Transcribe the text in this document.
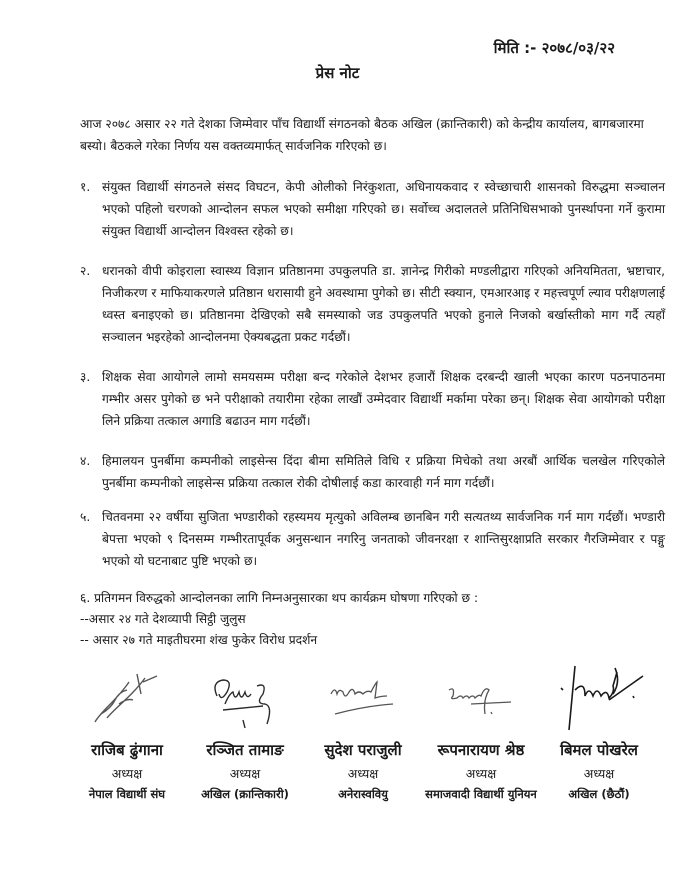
मिति :- २०७८/०३/२२
प्रेस नोट
आज २०७८ असार २२ गते देशका जिम्मेवार पाँच विद्यार्थी संगठनको बैठक अखिल (क्रान्तिकारी) को केन्द्रीय कार्यालय, बागबजारमा बस्यो। बैठकले गरेका निर्णय यस वक्तव्यमार्फत् सार्वजनिक गरिएको छ।
१. संयुक्त विद्यार्थी संगठनले संसद विघटन, केपी ओलीको निरंकुशता, अधिनायकवाद र स्वेच्छाचारी शासनको विरुद्धमा सञ्चालन भएको पहिलो चरणको आन्दोलन सफल भएको समीक्षा गरिएको छ। सर्वोच्च अदालतले प्रतिनिधिसभाको पुनर्स्थापना गर्ने कुरामा संयुक्त विद्यार्थी आन्दोलन विश्वस्त रहेको छ।
२. धरानको वीपी कोइराला स्वास्थ्य विज्ञान प्रतिष्ठानमा उपकुलपति डा. ज्ञानेन्द्र गिरीको मण्डलीद्वारा गरिएको अनियमितता, भ्रष्टाचार, निजीकरण र माफियाकरणले प्रतिष्ठान धरासायी हुने अवस्थामा पुगेको छ। सीटी स्क्यान, एमआरआइ र महत्त्वपूर्ण ल्याव परीक्षणलाई ध्वस्त बनाइएको छ। प्रतिष्ठानमा देखिएको सबै समस्याको जड उपकुलपति भएको हुनाले निजको बर्खास्तीको माग गर्दै त्यहाँ सञ्चालन भइरहेको आन्दोलनमा ऐक्यबद्धता प्रकट गर्दछौं।
३. शिक्षक सेवा आयोगले लामो समयसम्म परीक्षा बन्द गरेकोले देशभर हजारौं शिक्षक दरबन्दी खाली भएका कारण पठनपाठनमा गम्भीर असर पुगेको छ भने परीक्षाको तयारीमा रहेका लाखौं उम्मेदवार विद्यार्थी मर्कामा परेका छन्। शिक्षक सेवा आयोगको परीक्षा लिने प्रक्रिया तत्काल अगाडि बढाउन माग गर्दछौं।
४. हिमालयन पुनर्बीमा कम्पनीको लाइसेन्स दिंदा बीमा समितिले विधि र प्रक्रिया मिचेको तथा अरबौं आर्थिक चलखेल गरिएकोले पुनर्बीमा कम्पनीको लाइसेन्स प्रक्रिया तत्काल रोकी दोषीलाई कडा कारवाही गर्न माग गर्दछौं।
५. चितवनमा २२ वर्षीया सुजिता भण्डारीको रहस्यमय मृत्युको अविलम्ब छानबिन गरी सत्यतथ्य सार्वजनिक गर्न माग गर्दछौं। भण्डारी बेपत्ता भएको ९ दिनसम्म गम्भीरतापूर्वक अनुसन्धान नगरिनु जनताको जीवनरक्षा र शान्तिसुरक्षाप्रति सरकार गैरजिम्मेवार र पङ्गु भएको यो घटनाबाट पुष्टि भएको छ।
६. प्रतिगमन विरुद्धको आन्दोलनका लागि निम्नअनुसारका थप कार्यक्रम घोषणा गरिएको छ :
--असार २४ गते देशव्यापी सिट्ठी जुलुस
-- असार २७ गते माइतीघरमा शंख फुकेर विरोध प्रदर्शन
राजिब ढुंगाना
अध्यक्ष
नेपाल विद्यार्थी संघ
रञ्जित तामाङ
अध्यक्ष
अखिल (क्रान्तिकारी)
सुदेश पराजुली
अध्यक्ष
अनेरास्ववियु
रूपनारायण श्रेष्ठ
अध्यक्ष
समाजवादी विद्यार्थी युनियन
बिमल पोखरेल
अध्यक्ष
अखिल (छैठौं)
